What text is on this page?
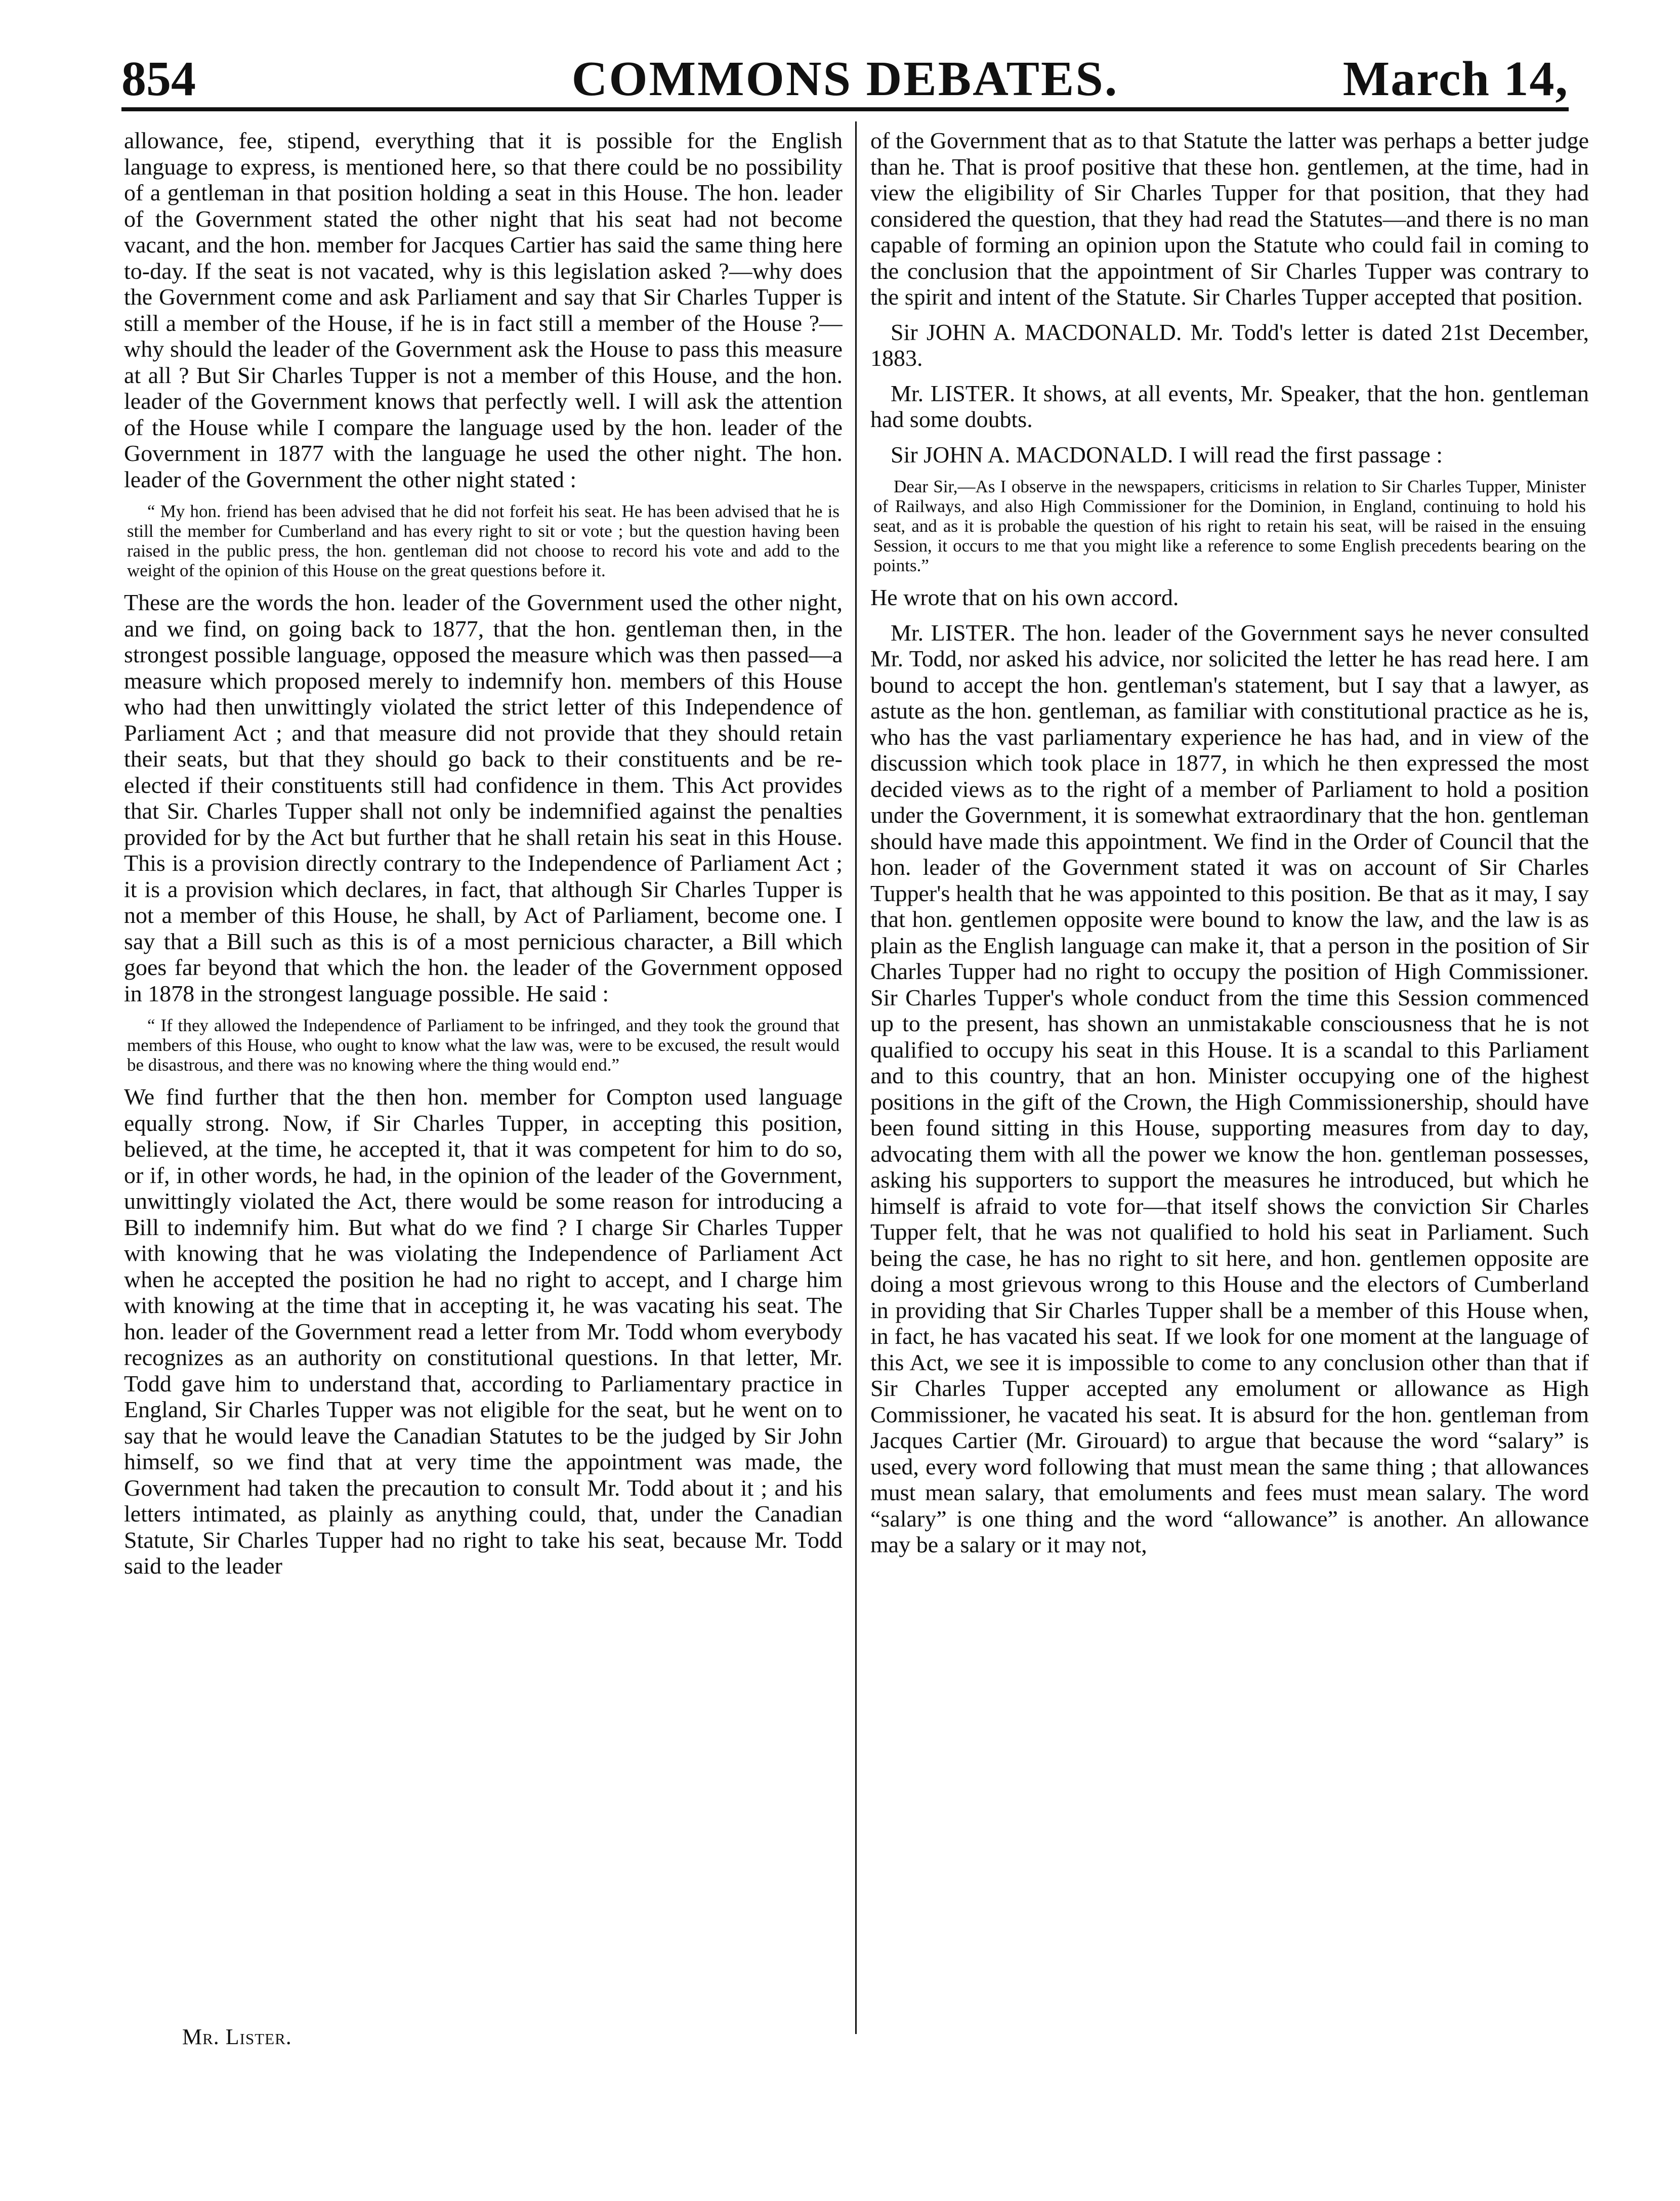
854	COMMONS DEBATES.	March 14,

allowance, fee, stipend, everything that it is possible for the English language to express, is mentioned here, so that there could be no possibility of a gentleman in that position holding a seat in this House. The hon. leader of the Government stated the other night that his seat had not become vacant, and the hon. member for Jacques Cartier has said the same thing here to-day. If the seat is not vacated, why is this legislation asked ?—why does the Government come and ask Parliament and say that Sir Charles Tupper is still a member of the House, if he is in fact still a member of the House ?—why should the leader of the Government ask the House to pass this measure at all ? But Sir Charles Tupper is not a member of this House, and the hon. leader of the Government knows that perfectly well. I will ask the attention of the House while I compare the language used by the hon. leader of the Government in 1877 with the language he used the other night. The hon. leader of the Government the other night stated :

“ My hon. friend has been advised that he did not forfeit his seat. He has been advised that he is still the member for Cumberland and has every right to sit or vote ; but the question having been raised in the public press, the hon. gentleman did not choose to record his vote and add to the weight of the opinion of this House on the great questions before it.

These are the words the hon. leader of the Government used the other night, and we find, on going back to 1877, that the hon. gentleman then, in the strongest possible language, opposed the measure which was then passed—a measure which proposed merely to indemnify hon. members of this House who had then unwittingly violated the strict letter of this Independence of Parliament Act ; and that measure did not provide that they should retain their seats, but that they should go back to their constituents and be re-elected if their constituents still had confidence in them. This Act provides that Sir. Charles Tupper shall not only be indemnified against the penalties provided for by the Act but further that he shall retain his seat in this House. This is a provision directly contrary to the Independence of Parliament Act ; it is a provision which declares, in fact, that although Sir Charles Tupper is not a member of this House, he shall, by Act of Parliament, become one. I say that a Bill such as this is of a most pernicious character, a Bill which goes far beyond that which the hon. the leader of the Government opposed in 1878 in the strongest language possible. He said :

“ If they allowed the Independence of Parliament to be infringed, and they took the ground that members of this House, who ought to know what the law was, were to be excused, the result would be disastrous, and there was no knowing where the thing would end.”

We find further that the then hon. member for Compton used language equally strong. Now, if Sir Charles Tupper, in accepting this position, believed, at the time, he accepted it, that it was competent for him to do so, or if, in other words, he had, in the opinion of the leader of the Government, unwittingly violated the Act, there would be some reason for introducing a Bill to indemnify him. But what do we find ? I charge Sir Charles Tupper with knowing that he was violating the Independence of Parliament Act when he accepted the position he had no right to accept, and I charge him with knowing at the time that in accepting it, he was vacating his seat. The hon. leader of the Government read a letter from Mr. Todd whom everybody recognizes as an authority on constitutional questions. In that letter, Mr. Todd gave him to understand that, according to Parliamentary practice in England, Sir Charles Tupper was not eligible for the seat, but he went on to say that he would leave the Canadian Statutes to be the judged by Sir John himself, so we find that at very time the appointment was made, the Government had taken the precaution to consult Mr. Todd about it ; and his letters intimated, as plainly as anything could, that, under the Canadian Statute, Sir Charles Tupper had no right to take his seat, because Mr. Todd said to the leader

of the Government that as to that Statute the latter was perhaps a better judge than he. That is proof positive that these hon. gentlemen, at the time, had in view the eligibility of Sir Charles Tupper for that position, that they had considered the question, that they had read the Statutes—and there is no man capable of forming an opinion upon the Statute who could fail in coming to the conclusion that the appointment of Sir Charles Tupper was contrary to the spirit and intent of the Statute. Sir Charles Tupper accepted that position.

Sir JOHN A. MACDONALD. Mr. Todd's letter is dated 21st December, 1883.

Mr. LISTER. It shows, at all events, Mr. Speaker, that the hon. gentleman had some doubts.

Sir JOHN A. MACDONALD. I will read the first passage :

Dear Sir,—As I observe in the newspapers, criticisms in relation to Sir Charles Tupper, Minister of Railways, and also High Commissioner for the Dominion, in England, continuing to hold his seat, and as it is probable the question of his right to retain his seat, will be raised in the ensuing Session, it occurs to me that you might like a reference to some English precedents bearing on the points.”

He wrote that on his own accord.

Mr. LISTER. The hon. leader of the Government says he never consulted Mr. Todd, nor asked his advice, nor solicited the letter he has read here. I am bound to accept the hon. gentleman's statement, but I say that a lawyer, as astute as the hon. gentleman, as familiar with constitutional practice as he is, who has the vast parliamentary experience he has had, and in view of the discussion which took place in 1877, in which he then expressed the most decided views as to the right of a member of Parliament to hold a position under the Government, it is somewhat extraordinary that the hon. gentleman should have made this appointment. We find in the Order of Council that the hon. leader of the Government stated it was on account of Sir Charles Tupper's health that he was appointed to this position. Be that as it may, I say that hon. gentlemen opposite were bound to know the law, and the law is as plain as the English language can make it, that a person in the position of Sir Charles Tupper had no right to occupy the position of High Commissioner. Sir Charles Tupper's whole conduct from the time this Session commenced up to the present, has shown an unmistakable consciousness that he is not qualified to occupy his seat in this House. It is a scandal to this Parliament and to this country, that an hon. Minister occupying one of the highest positions in the gift of the Crown, the High Commissionership, should have been found sitting in this House, supporting measures from day to day, advocating them with all the power we know the hon. gentleman possesses, asking his supporters to support the measures he introduced, but which he himself is afraid to vote for—that itself shows the conviction Sir Charles Tupper felt, that he was not qualified to hold his seat in Parliament. Such being the case, he has no right to sit here, and hon. gentlemen opposite are doing a most grievous wrong to this House and the electors of Cumberland in providing that Sir Charles Tupper shall be a member of this House when, in fact, he has vacated his seat. If we look for one moment at the language of this Act, we see it is impossible to come to any conclusion other than that if Sir Charles Tupper accepted any emolument or allowance as High Commissioner, he vacated his seat. It is absurd for the hon. gentleman from Jacques Cartier (Mr. Girouard) to argue that because the word “salary” is used, every word following that must mean the same thing ; that allowances must mean salary, that emoluments and fees must mean salary. The word “salary” is one thing and the word “allowance” is another. An allowance may be a salary or it may not,

Mr. Lister.
